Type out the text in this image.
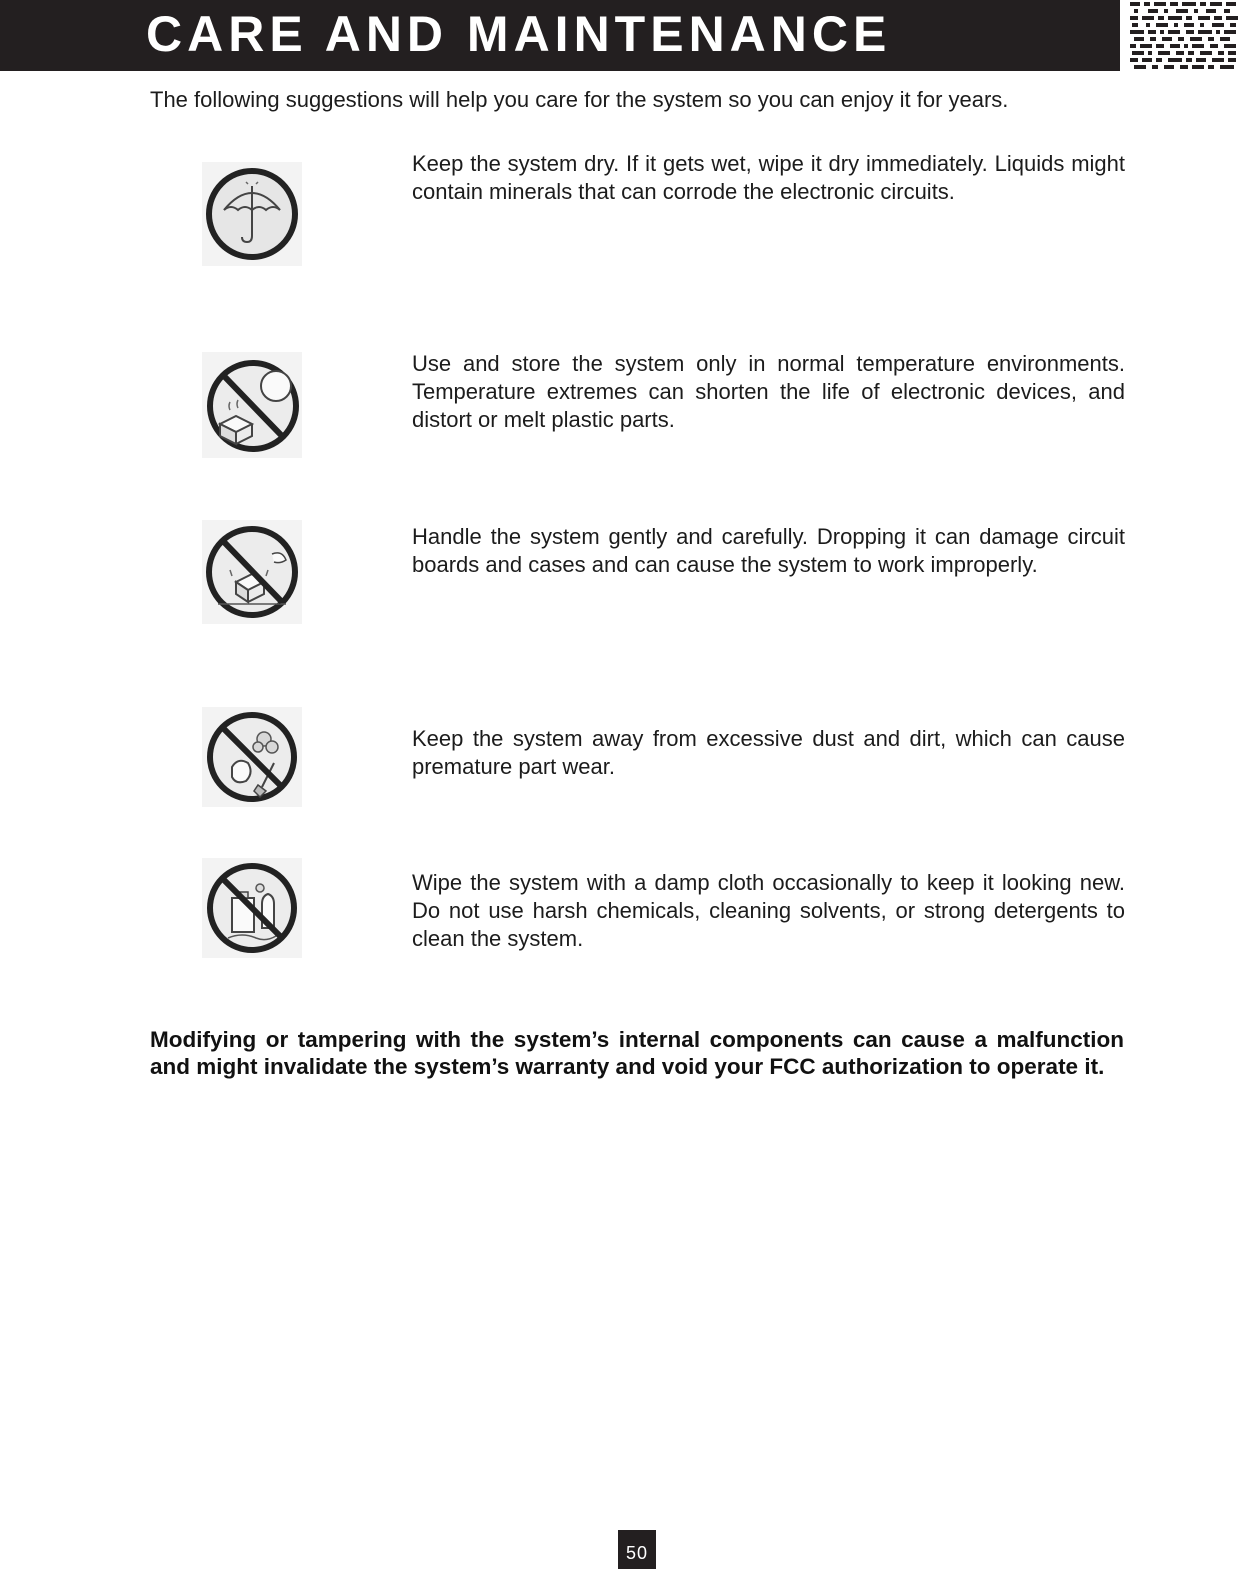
CARE AND MAINTENANCE
The following suggestions will help you care for the system so you can enjoy it for years.
Keep the system dry. If it gets wet, wipe it dry immediately. Liquids might contain minerals that can corrode the electronic circuits.
Use and store the system only in normal temperature environments. Temperature extremes can shorten the life of electronic devices, and distort or melt plastic parts.
Handle the system gently and carefully. Dropping it can damage circuit boards and cases and can cause the system to work improperly.
Keep the system away from excessive dust and dirt, which can cause premature part wear.
Wipe the system with a damp cloth occasionally to keep it looking new. Do not use harsh chemicals, cleaning solvents, or strong detergents to clean the system.
Modifying or tampering with the system’s internal components can cause a malfunction and might invalidate the system’s warranty and void your FCC authorization to operate it.
50
